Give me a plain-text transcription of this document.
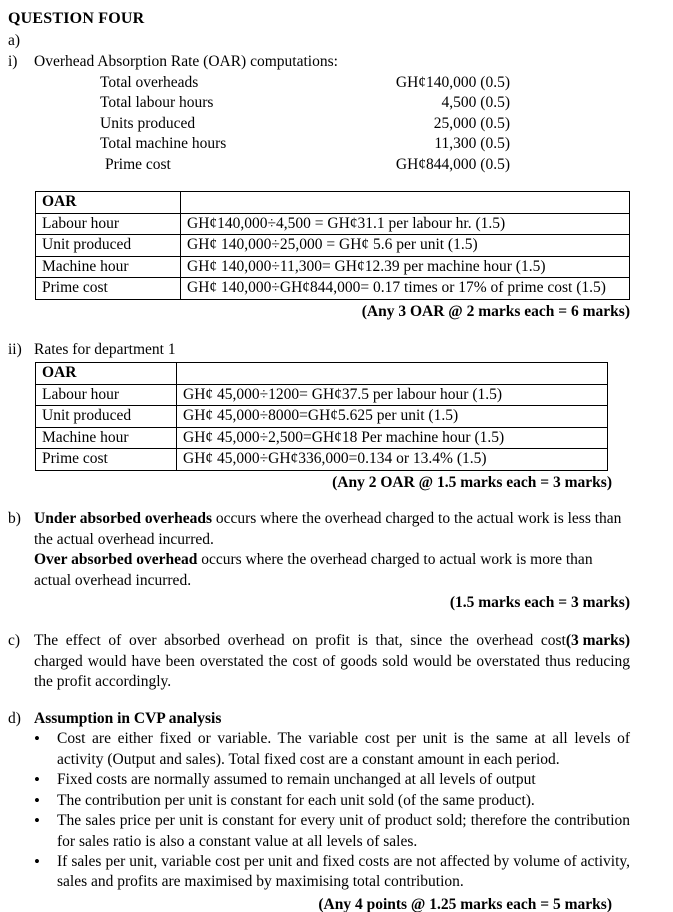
QUESTION FOUR

a)

i)	Overhead Absorption Rate (OAR) computations:
Total overheads	GH¢140,000 (0.5)
Total labour hours	4,500 (0.5)
Units produced	25,000 (0.5)
Total machine hours	11,300 (0.5)
Prime cost	GH¢844,000 (0.5)
OAR	
Labour hour	GH¢140,000÷4,500 = GH¢31.1 per labour hr. (1.5)
Unit produced	GH¢ 140,000÷25,000 = GH¢ 5.6 per unit (1.5)
Machine hour	GH¢ 140,000÷11,300= GH¢12.39 per machine hour (1.5)
Prime cost	GH¢ 140,000÷GH¢844,000= 0.17 times or 17% of prime cost (1.5)
(Any 3 OAR @ 2 marks each = 6 marks)
ii) Rates for department 1
OAR	
Labour hour	GH¢ 45,000÷1200= GH¢37.5 per labour hour (1.5)
Unit produced	GH¢ 45,000÷8000=GH¢5.625 per unit (1.5)
Machine hour	GH¢ 45,000÷2,500=GH¢18 Per machine hour (1.5)
Prime cost	GH¢ 45,000÷GH¢336,000=0.134 or 13.4% (1.5)
(Any 2 OAR @ 1.5 marks each = 3 marks)
b) Under absorbed overheads occurs where the overhead charged to the actual work is less than the actual overhead incurred.

Over absorbed overhead occurs where the overhead charged to actual work is more than actual overhead incurred.

(1.5 marks each = 3 marks)
c)	(3 marks)
The effect of over absorbed overhead on profit is that, since the overhead cost charged would have been overstated the cost of goods sold would be overstated thus reducing the profit accordingly.
d) Assumption in CVP analysis
• Cost are either fixed or variable. The variable cost per unit is the same at all levels of activity (Output and sales). Total fixed cost are a constant amount in each period.
• Fixed costs are normally assumed to remain unchanged at all levels of output
• The contribution per unit is constant for each unit sold (of the same product).
• The sales price per unit is constant for every unit of product sold; therefore the contribution for sales ratio is also a constant value at all levels of sales.
• If sales per unit, variable cost per unit and fixed costs are not affected by volume of activity, sales and profits are maximised by maximising total contribution.
(Any 4 points @ 1.25 marks each = 5 marks)
